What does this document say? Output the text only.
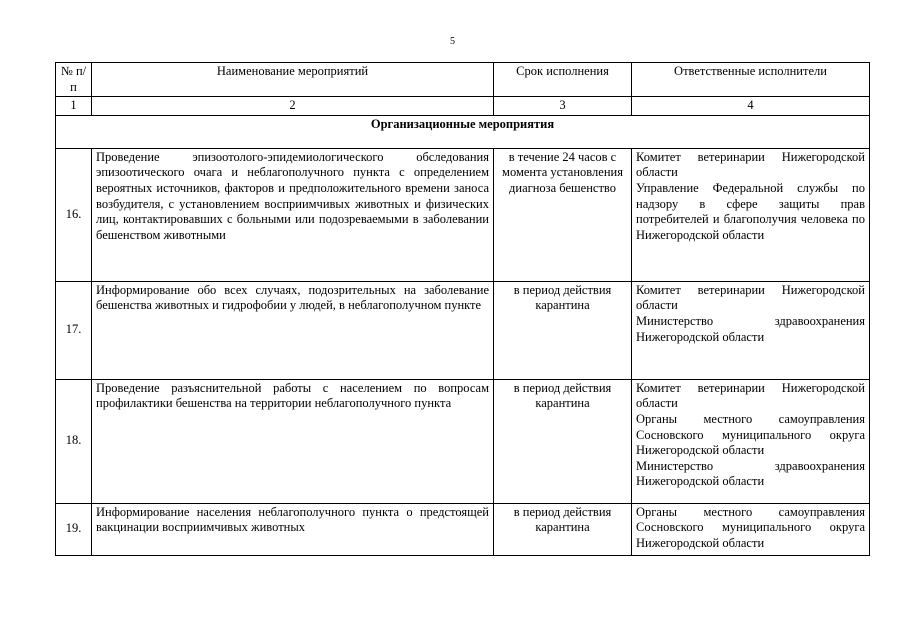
5
№ п/п	Наименование мероприятий	Срок исполнения	Ответственные исполнители
1	2	3	4
Организационные мероприятия			
16.	Проведение эпизоотолого-эпидемиологического обследования эпизоотического очага и неблагополучного пункта с определением вероятных источников, факторов и предположительного времени заноса возбудителя, с установлением восприимчивых животных и физических лиц, контактировавших с больными или подозреваемыми в заболевании бешенством животными	в течение 24 часов с момента установления диагноза бешенство	Комитет ветеринарии Нижегородской области
Управление Федеральной службы по надзору в сфере защиты прав потребителей и благополучия человека по Нижегородской области

17.	Информирование обо всех случаях, подозрительных на заболевание бешенства животных и гидрофобии у людей, в неблагополучном пункте	в период действия карантина	Комитет ветеринарии Нижегородской области
Министерство здравоохранения Нижегородской области

18.	Проведение разъяснительной работы с населением по вопросам профилактики бешенства на территории неблагополучного пункта	в период действия карантина	Комитет ветеринарии Нижегородской области
Органы местного самоуправления Сосновского муниципального округа Нижегородской области
Министерство здравоохранения Нижегородской области

19.	Информирование населения неблагополучного пункта о предстоящей вакцинации восприимчивых животных	в период действия карантина	Органы местного самоуправления Сосновского муниципального округа Нижегородской области
